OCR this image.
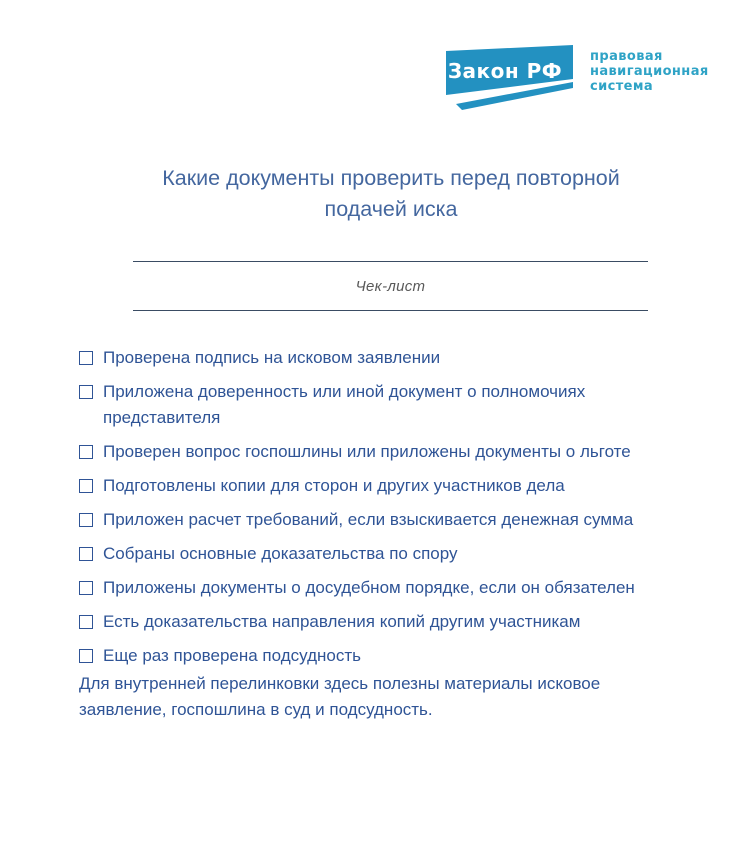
Закон РФ
правовая
навигационная
система
Какие документы проверить перед повторной подачей иска
Чек-лист
Проверена подпись на исковом заявлении
Приложена доверенность или иной документ о полномочиях представителя
Проверен вопрос госпошлины или приложены документы о льготе
Подготовлены копии для сторон и других участников дела
Приложен расчет требований, если взыскивается денежная сумма
Собраны основные доказательства по спору
Приложены документы о досудебном порядке, если он обязателен
Есть доказательства направления копий другим участникам
Еще раз проверена подсудность

Для внутренней перелинковки здесь полезны материалы исковое заявление, госпошлина в суд и подсудность.
